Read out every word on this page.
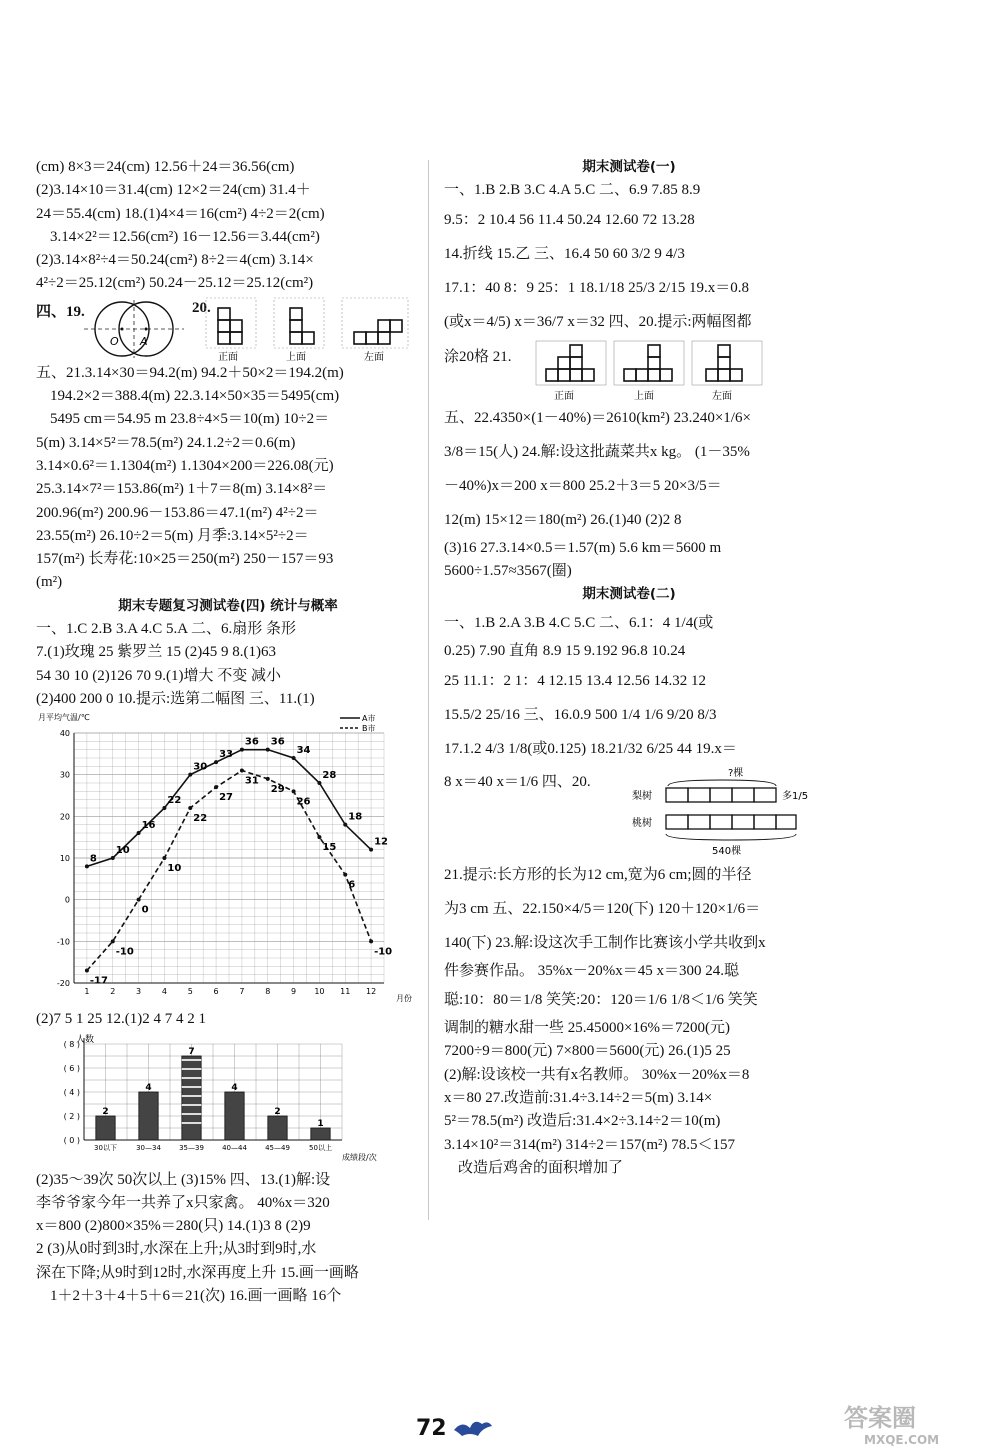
(cm) 8×3＝24(cm) 12.56＋24＝36.56(cm)
(2)3.14×10＝31.4(cm) 12×2＝24(cm) 31.4＋
24＝55.4(cm) 18.(1)4×4＝16(cm²) 4÷2＝2(cm)
3.14×2²＝12.56(cm²) 16－12.56＝3.44(cm²)
(2)3.14×8²÷4＝50.24(cm²) 8÷2＝4(cm) 3.14×
4²÷2＝25.12(cm²) 50.24－25.12＝25.12(cm²)
四、19.
O A
20.
正面	上面	左面
五、21.3.14×30＝94.2(m) 94.2＋50×2＝194.2(m)
194.2×2＝388.4(m) 22.3.14×50×35＝5495(cm)
5495 cm＝54.95 m 23.8÷4×5＝10(m) 10÷2＝
5(m) 3.14×5²＝78.5(m²) 24.1.2÷2＝0.6(m)
3.14×0.6²＝1.1304(m²) 1.1304×200＝226.08(元)
25.3.14×7²＝153.86(m²) 1＋7＝8(m) 3.14×8²＝
200.96(m²) 200.96－153.86＝47.1(m²) 4²÷2＝
23.55(m²) 26.10÷2＝5(m) 月季:3.14×5²÷2＝
157(m²) 长寿花:10×25＝250(m²) 250－157＝93
(m²)
期末专题复习测试卷(四) 统计与概率
一、1.C 2.B 3.A 4.C 5.A 二、6.扇形 条形
7.(1)玫瑰 25 紫罗兰 15 (2)45 9 8.(1)63
54 30 10 (2)126 70 9.(1)增大 不变 减小
(2)400 200 0 10.提示:选第二幅图 三、11.(1)
月平均气温/℃
月份
A市
B市
-20
-10
0
10
20
30
40
1	2	3	4	5	6	7	8	9 10 11 12
8
10
16
22
30
33
36 36
34
28
18
12
-17
-10
0
10
22
27
31
29
26
15
6
-10
(2)7 5 1 25 12.(1)2 4 7 4 2 1
人数
成绩段/次
( 0 )
( 2 )
( 4 )
( 6 )
( 8 )
30以下	30—34	35—39	40—44	45—49	50以上
2
4
7
4
2
1
(2)35～39次 50次以上 (3)15% 四、13.(1)解:设
李爷爷家今年一共养了x只家禽。 40%x＝320
x＝800 (2)800×35%＝280(只) 14.(1)3 8 (2)9
2 (3)从0时到3时,水深在上升;从3时到9时,水
深在下降;从9时到12时,水深再度上升 15.画一画略
1＋2＋3＋4＋5＋6＝21(次) 16.画一画略 16个
期末测试卷(一)
一、1.B 2.B 3.C 4.A 5.C 二、6.9 7.85 8.9
9.5：2 10.4 56 11.4 50.24 12.60 72 13.28
14.折线 15.乙 三、16.4 50 60 3/2 9 4/3
17.1：40 8：9 25：1 18.1/18 25/3 2/15 19.x＝0.8
(或x＝4/5) x＝36/7 x＝32 四、20.提示:两幅图都
涂20格 21.
正面	上面	左面
五、22.4350×(1－40%)＝2610(km²) 23.240×1/6×
3/8＝15(人) 24.解:设这批蔬菜共x kg。 (1－35%
－40%)x＝200 x＝800 25.2＋3＝5 20×3/5＝
12(m) 15×12＝180(m²) 26.(1)40 (2)2 8
(3)16 27.3.14×0.5＝1.57(m) 5.6 km＝5600 m
5600÷1.57≈3567(圈)
期末测试卷(二)
一、1.B 2.A 3.B 4.C 5.C 二、6.1：4 1/4(或
0.25) 7.90 直角 8.9 15 9.192 96.8 10.24
25 11.1：2 1：4 12.15 13.4 12.56 14.32 12
15.5/2 25/16 三、16.0.9 500 1/4 1/6 9/20 8/3
17.1.2 4/3 1/8(或0.125) 18.21/32 6/25 44 19.x＝
8 x＝40 x＝1/6 四、20.
?棵
梨树	多1/5
桃树
540棵
21.提示:长方形的长为12 cm,宽为6 cm;圆的半径
为3 cm 五、22.150×4/5＝120(下) 120＋120×1/6＝
140(下) 23.解:设这次手工制作比赛该小学共收到x
件参赛作品。 35%x－20%x＝45 x＝300 24.聪
聪:10：80＝1/8 笑笑:20：120＝1/6 1/8＜1/6 笑笑
调制的糖水甜一些 25.45000×16%＝7200(元)
7200÷9＝800(元) 7×800＝5600(元) 26.(1)5 25
(2)解:设该校一共有x名教师。 30%x－20%x＝8
x＝80 27.改造前:31.4÷3.14÷2＝5(m) 3.14×
5²＝78.5(m²) 改造后:31.4×2÷3.14÷2＝10(m)
3.14×10²＝314(m²) 314÷2＝157(m²) 78.5＜157
改造后鸡舍的面积增加了
72	答案圈
MXQE.COM
